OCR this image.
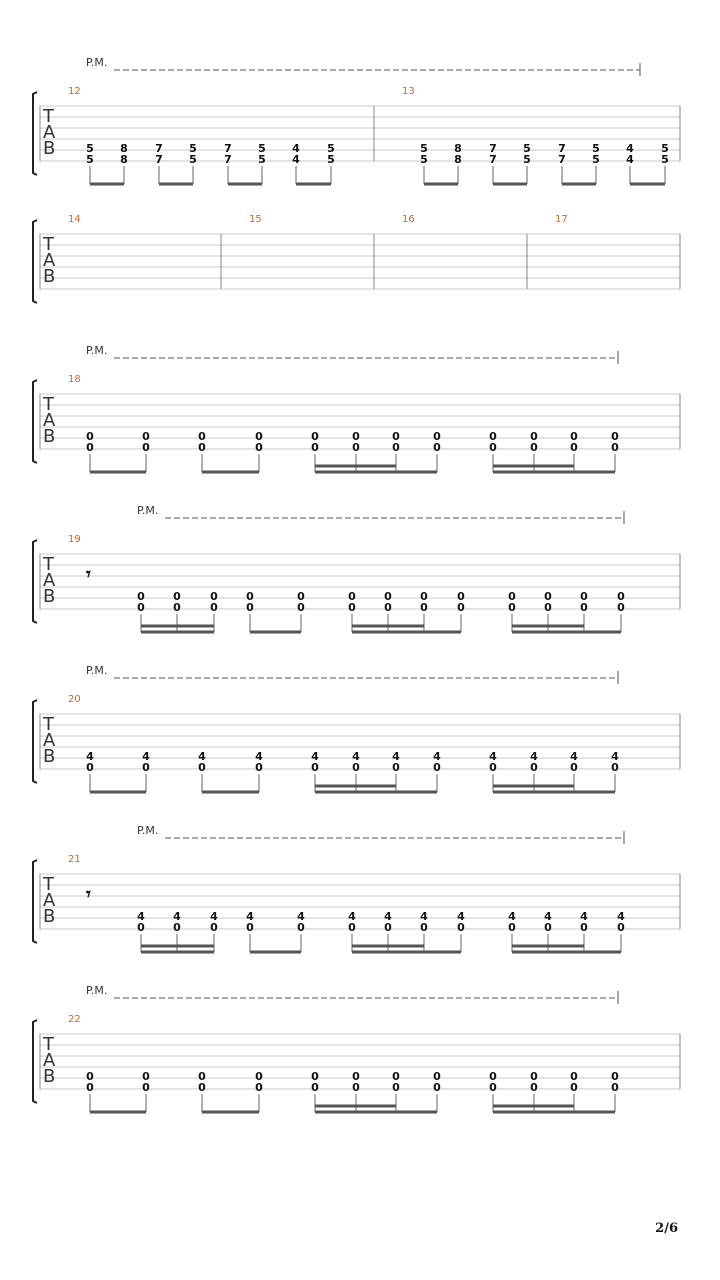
T
A
B
P.M.
12
5
5
8
8
7
7
5
5
7
7
5
5
4
4
5
5
13
5
5
8
8
7
7
5
5
7
7
5
5
4
4
5
5
T
A
B
14	15	16	17
T
A
B
P.M.
18
0
0
0
0
0
0
0
0
0
0
0
0
0
0
0
0
0
0
0
0
0
0
0
0
T
A
B
P.M.
19
𝄾
0
0
0
0
0
0
0
0
0
0
0
0
0
0
0
0
0
0
0
0
0
0
0
0
0
0
T
A
B
P.M.
20
4
0
4
0
4
0
4
0
4
0
4
0
4
0
4
0
4
0
4
0
4
0
4
0
T
A
B
P.M.
21
𝄾
4
0
4
0
4
0
4
0
4
0
4
0
4
0
4
0
4
0
4
0
4
0
4
0
4
0
T
A
B
P.M.
22
0
0
0
0
0
0
0
0
0
0
0
0
0
0
0
0
0
0
0
0
0
0
0
0
2/6
